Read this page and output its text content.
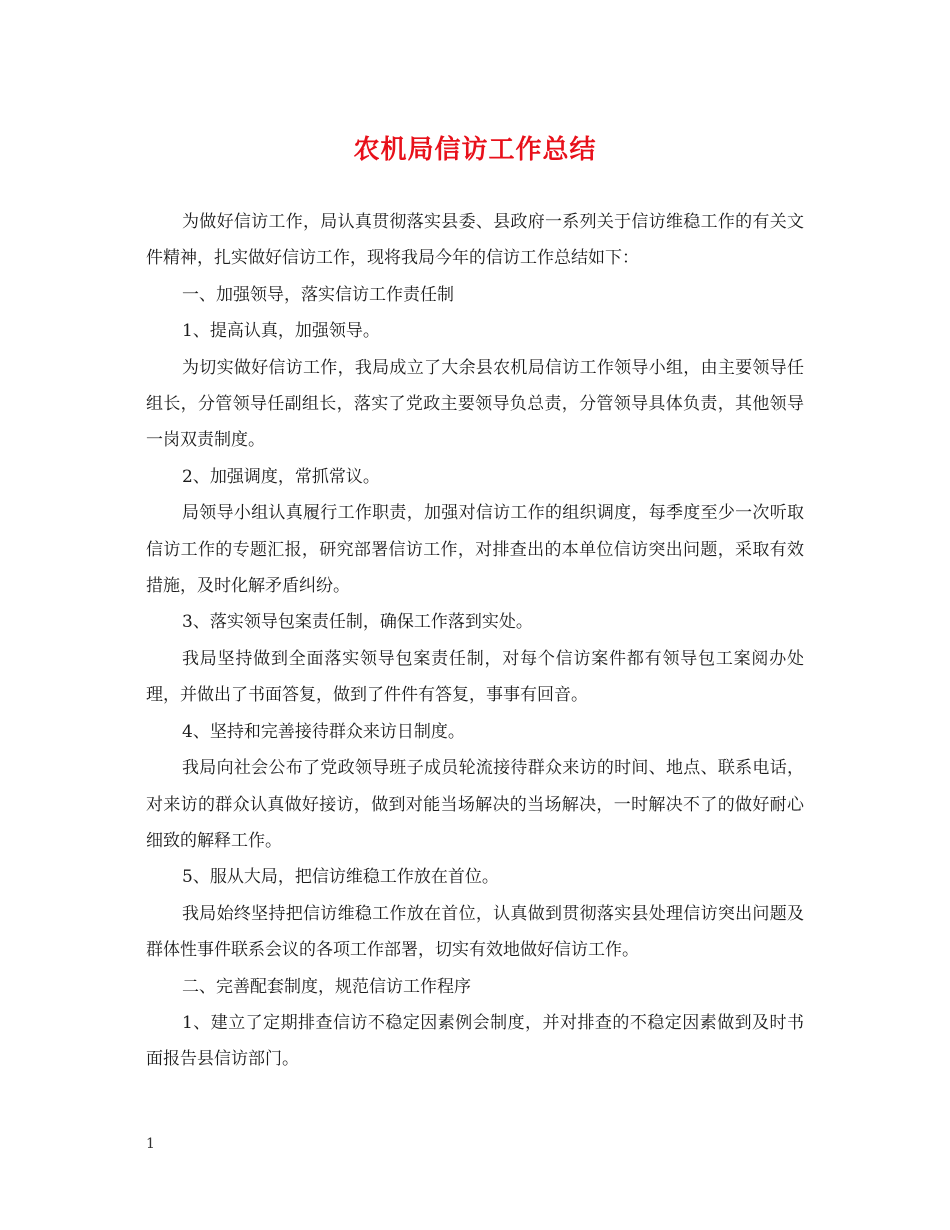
农机局信访工作总结

为做好信访工作，局认真贯彻落实县委、县政府一系列关于信访维稳工作的有关文件精神，扎实做好信访工作，现将我局今年的信访工作总结如下：

一、加强领导，落实信访工作责任制

1、提高认真，加强领导。

为切实做好信访工作，我局成立了大余县农机局信访工作领导小组，由主要领导任组长，分管领导任副组长，落实了党政主要领导负总责，分管领导具体负责，其他领导一岗双责制度。

2、加强调度，常抓常议。

局领导小组认真履行工作职责，加强对信访工作的组织调度，每季度至少一次听取信访工作的专题汇报，研究部署信访工作，对排查出的本单位信访突出问题，采取有效措施，及时化解矛盾纠纷。

3、落实领导包案责任制，确保工作落到实处。

我局坚持做到全面落实领导包案责任制，对每个信访案件都有领导包工案阅办处理，并做出了书面答复，做到了件件有答复，事事有回音。

4、坚持和完善接待群众来访日制度。

我局向社会公布了党政领导班子成员轮流接待群众来访的时间、地点、联系电话，对来访的群众认真做好接访，做到对能当场解决的当场解决，一时解决不了的做好耐心细致的解释工作。

5、服从大局，把信访维稳工作放在首位。

我局始终坚持把信访维稳工作放在首位，认真做到贯彻落实县处理信访突出问题及群体性事件联系会议的各项工作部署，切实有效地做好信访工作。

二、完善配套制度，规范信访工作程序

1、建立了定期排查信访不稳定因素例会制度，并对排查的不稳定因素做到及时书面报告县信访部门。

1
